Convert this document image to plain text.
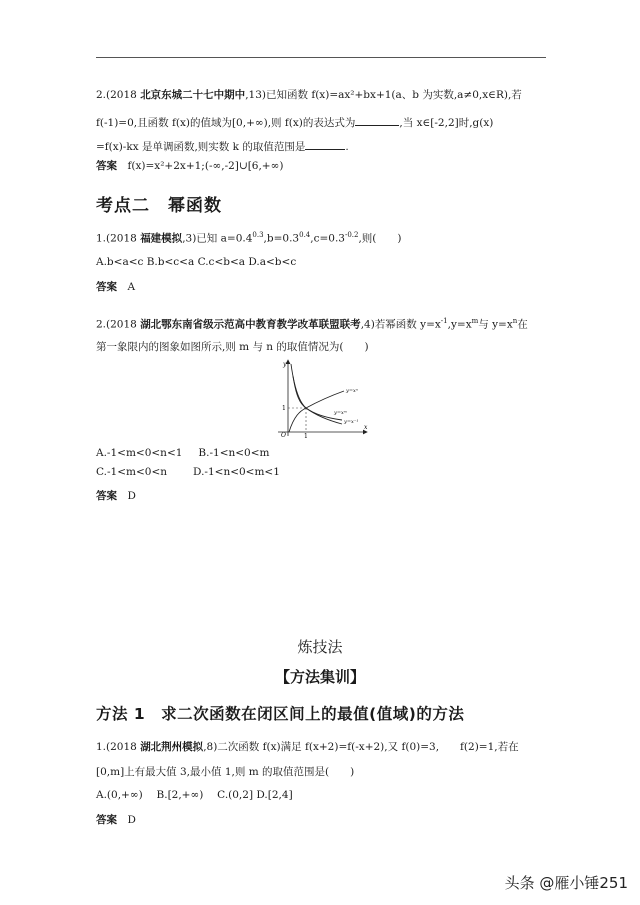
2.(2018 北京东城二十七中期中,13)已知函数 f(x)=ax²+bx+1(a、b 为实数,a≠0,x∈R),若
f(-1)=0,且函数 f(x)的值域为[0,+∞),则 f(x)的表达式为	,当 x∈[-2,2]时,g(x)
=f(x)-kx 是单调函数,则实数 k 的取值范围是	.
答案　 f(x)=x²+2x+1;(-∞,-2]∪[6,+∞)
考点二　幂函数
1.(2018 福建模拟,3)已知 $a=0.4^{0.3},b=0.3^{0.4},c=0.3^{-0.2}$,则(　　)
A.b<a<c B.b<c<a C.c<b<a D.a<b<c
答案　 A
2.(2018 湖北鄂东南省级示范高中教育教学改革联盟联考,4)若幂函数 $y=x^{-1},y=x^m$与 $y=x^n$在
第一象限内的图象如图所示,则 m 与 n 的取值情况为(　　)
y
x
O	1
1
y=xⁿ
y=xᵐ
y=x⁻¹
A.-1<m<0<n<1 B.-1<n<0<m
C.-1<m<0<n D.-1<n<0<m<1
答案　 D
炼技法
【方法集训】
方法 1　求二次函数在闭区间上的最值(值域)的方法
1.(2018 湖北荆州模拟,8)二次函数 f(x)满足 f(x+2)=f(-x+2),又 f(0)=3,　　f(2)=1,若在
[0,m]上有最大值 3,最小值 1,则 m 的取值范围是(　　)
A.(0,+∞)　 B.[2,+∞)　 C.(0,2] D.[2,4]
答案　 D
头条 @雁小锤251
